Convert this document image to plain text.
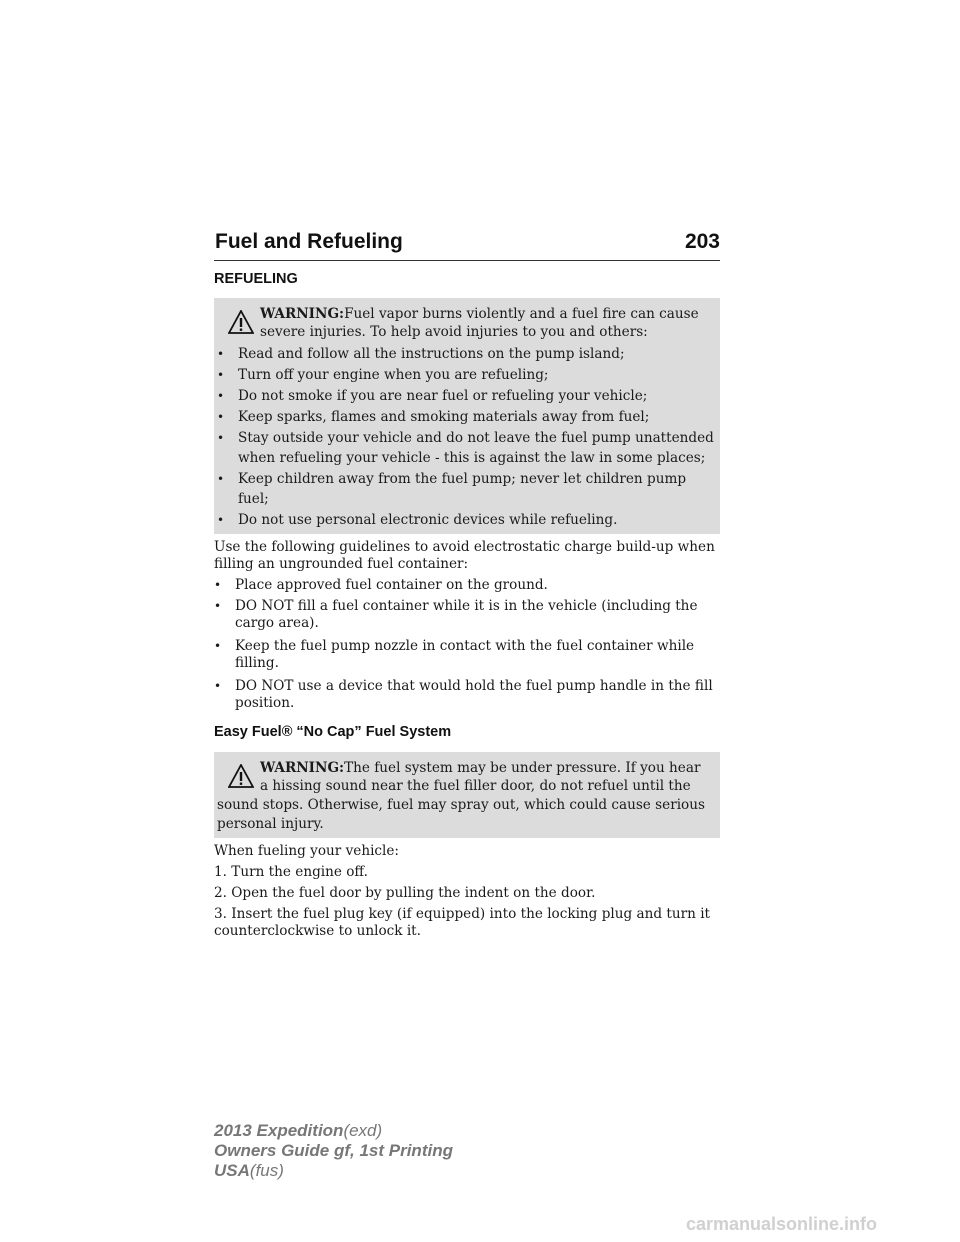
Fuel and Refueling	203
REFUELING
WARNING:Fuel vapor burns violently and a fuel fire can cause
severe injuries. To help avoid injuries to you and others:
• Read and follow all the instructions on the pump island;
• Turn off your engine when you are refueling;
• Do not smoke if you are near fuel or refueling your vehicle;
• Keep sparks, flames and smoking materials away from fuel;
• Stay outside your vehicle and do not leave the fuel pump unattended
when refueling your vehicle - this is against the law in some places;
• Keep children away from the fuel pump; never let children pump
fuel;
• Do not use personal electronic devices while refueling.
Use the following guidelines to avoid electrostatic charge build-up when
filling an ungrounded fuel container:
• Place approved fuel container on the ground.
• DO NOT fill a fuel container while it is in the vehicle (including the
cargo area).
• Keep the fuel pump nozzle in contact with the fuel container while
filling.
• DO NOT use a device that would hold the fuel pump handle in the fill
position.
Easy Fuel® “No Cap” Fuel System
WARNING:The fuel system may be under pressure. If you hear
a hissing sound near the fuel filler door, do not refuel until the
sound stops. Otherwise, fuel may spray out, which could cause serious
personal injury.
When fueling your vehicle:
1. Turn the engine off.
2. Open the fuel door by pulling the indent on the door.
3. Insert the fuel plug key (if equipped) into the locking plug and turn it
counterclockwise to unlock it.
2013 Expedition(exd)
Owners Guide gf, 1st Printing
USA(fus)
carmanualsonline.info
